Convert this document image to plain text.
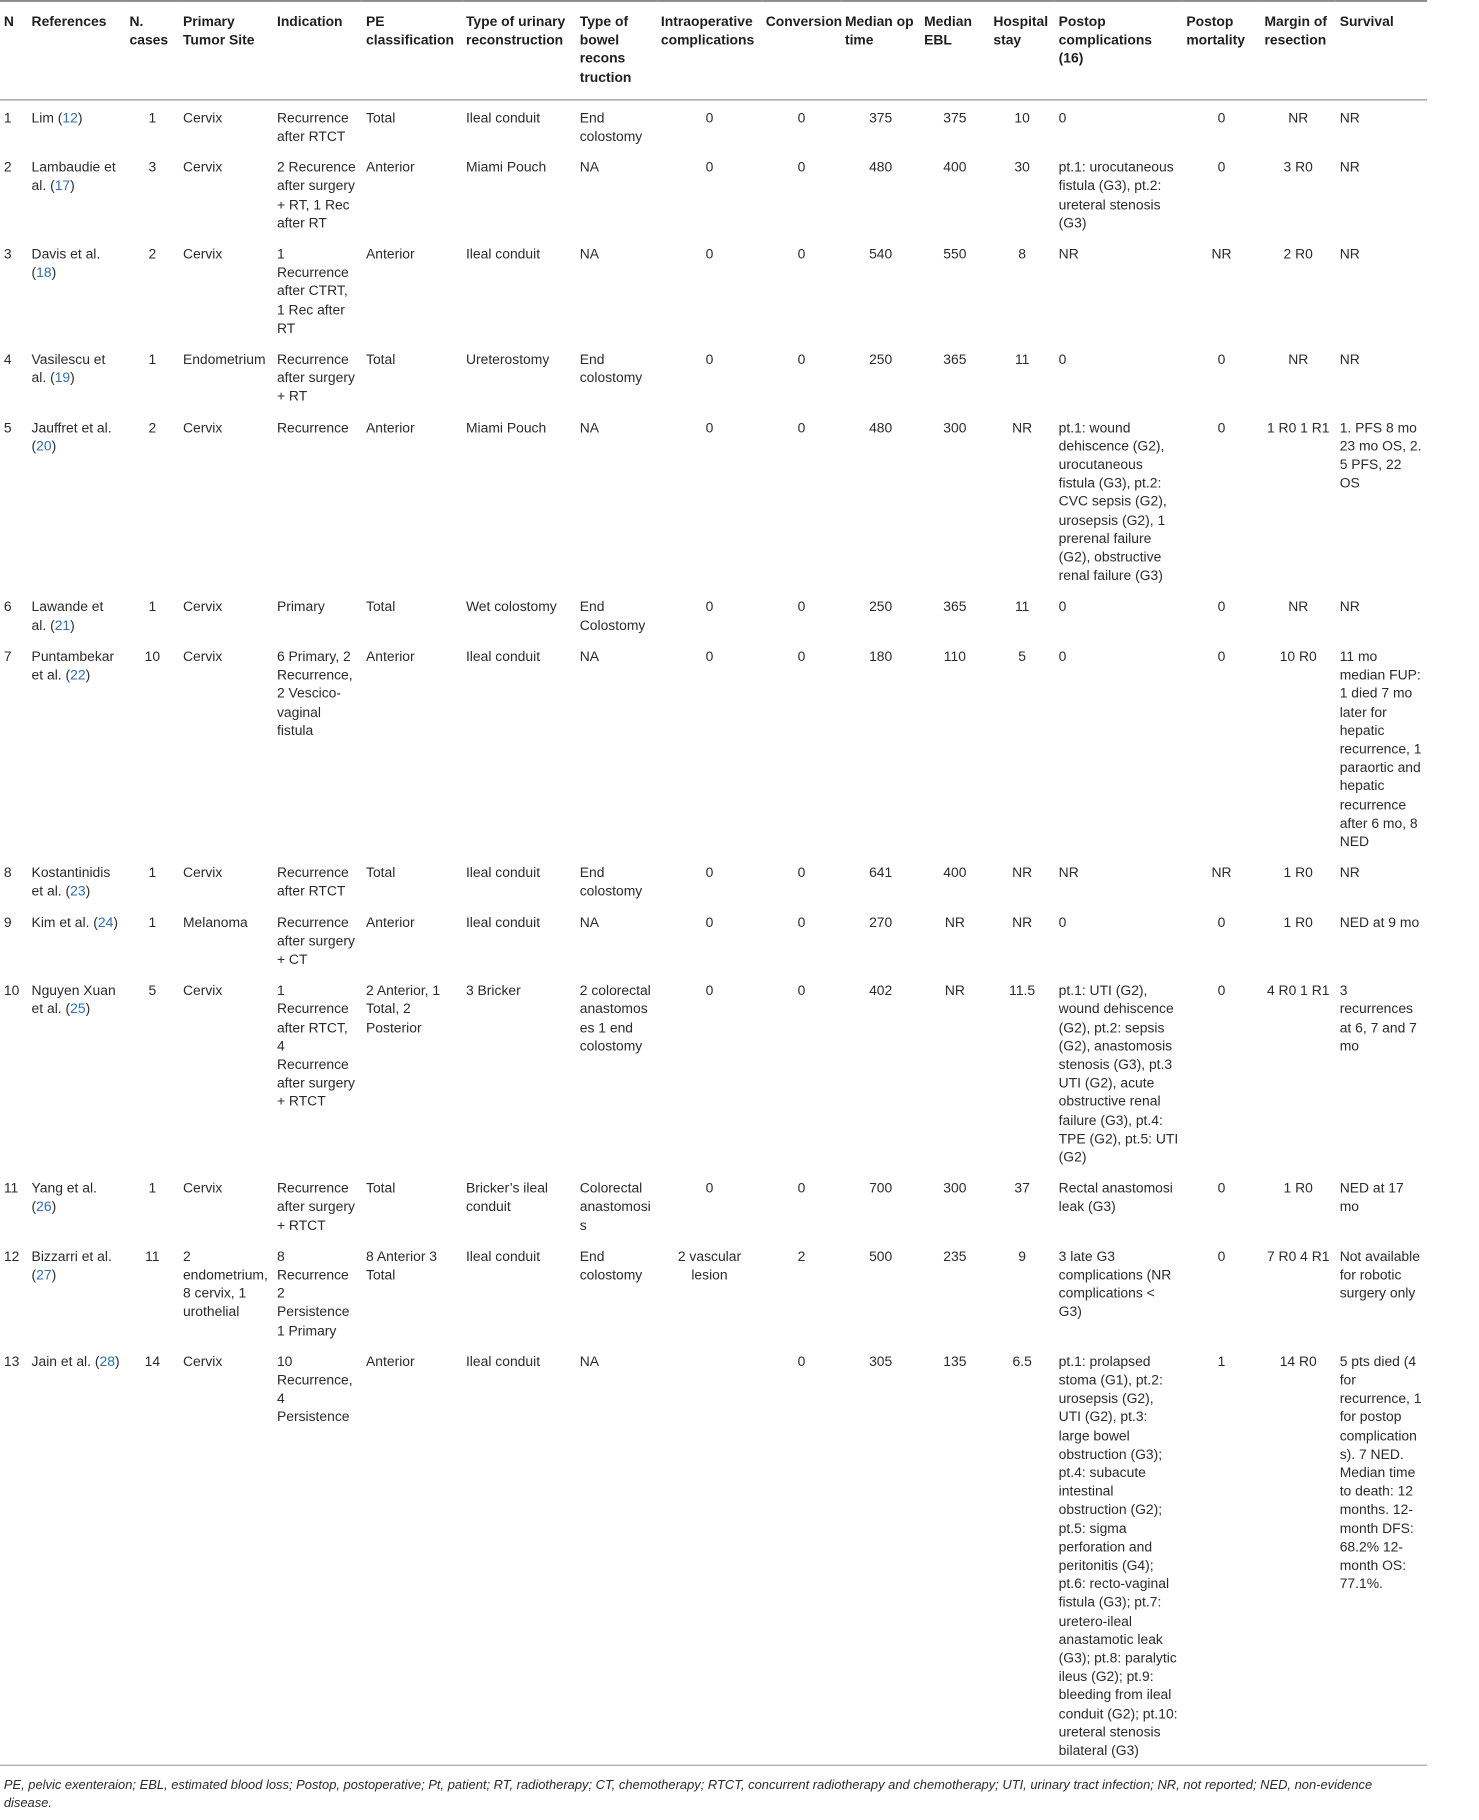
N	References	N. cases	Primary Tumor Site	Indication	PE classification	Type of urinary reconstruction	Type of bowel recons truction	Intraoperative complications	Conversion	Median op time	Median EBL	Hospital stay	Postop complications (16)	Postop mortality	Margin of resection	Survival
1	Lim (12)	1	Cervix	Recurrence after RTCT	Total	Ileal conduit	End colostomy	0	0	375	375	10	0	0	NR	NR
2	Lambaudie et al. (17)	3	Cervix	2 Recurence after surgery + RT, 1 Rec after RT	Anterior	Miami Pouch	NA	0	0	480	400	30	pt.1: urocutaneous fistula (G3), pt.2: ureteral stenosis (G3)	0	3 R0	NR
3	Davis et al. (18)	2	Cervix	1 Recurrence after CTRT, 1 Rec after RT	Anterior	Ileal conduit	NA	0	0	540	550	8	NR	NR	2 R0	NR
4	Vasilescu et al. (19)	1	Endometrium	Recurrence after surgery + RT	Total	Ureterostomy	End colostomy	0	0	250	365	11	0	0	NR	NR
5	Jauffret et al. (20)	2	Cervix	Recurrence	Anterior	Miami Pouch	NA	0	0	480	300	NR	pt.1: wound dehiscence (G2), urocutaneous fistula (G3), pt.2: CVC sepsis (G2), urosepsis (G2), 1 prerenal failure (G2), obstructive renal failure (G3)	0	1 R0 1 R1	1. PFS 8 mo 23 mo OS, 2. 5 PFS, 22 OS
6	Lawande et al. (21)	1	Cervix	Primary	Total	Wet colostomy	End Colostomy	0	0	250	365	11	0	0	NR	NR
7	Puntambekar et al. (22)	10	Cervix	6 Primary, 2 Recurrence, 2 Vescico-vaginal fistula	Anterior	Ileal conduit	NA	0	0	180	110	5	0	0	10 R0	11 mo median FUP: 1 died 7 mo later for hepatic recurrence, 1 paraortic and hepatic recurrence after 6 mo, 8 NED
8	Kostantinidis et al. (23)	1	Cervix	Recurrence after RTCT	Total	Ileal conduit	End colostomy	0	0	641	400	NR	NR	NR	1 R0	NR
9	Kim et al. (24)	1	Melanoma	Recurrence after surgery + CT	Anterior	Ileal conduit	NA	0	0	270	NR	NR	0	0	1 R0	NED at 9 mo
10	Nguyen Xuan et al. (25)	5	Cervix	1 Recurrence after RTCT, 4 Recurrence after surgery + RTCT	2 Anterior, 1 Total, 2 Posterior	3 Bricker	2 colorectal anastomoses 1 end colostomy	0	0	402	NR	11.5	pt.1: UTI (G2), wound dehiscence (G2), pt.2: sepsis (G2), anastomosis stenosis (G3), pt.3 UTI (G2), acute obstructive renal failure (G3), pt.4: TPE (G2), pt.5: UTI (G2)	0	4 R0 1 R1	3 recurrences at 6, 7 and 7 mo
11	Yang et al. (26)	1	Cervix	Recurrence after surgery + RTCT	Total	Bricker’s ileal conduit	Colorectal anastomosis	0	0	700	300	37	Rectal anastomosi leak (G3)	0	1 R0	NED at 17 mo
12	Bizzarri et al. (27)	11	2 endometrium, 8 cervix, 1 urothelial	8 Recurrence 2 Persistence 1 Primary	8 Anterior 3 Total	Ileal conduit	End colostomy	2 vascular lesion	2	500	235	9	3 late G3 complications (NR complications < G3)	0	7 R0 4 R1	Not available for robotic surgery only
13	Jain et al. (28)	14	Cervix	10 Recurrence, 4 Persistence	Anterior	Ileal conduit	NA		0	305	135	6.5	pt.1: prolapsed stoma (G1), pt.2: urosepsis (G2), UTI (G2), pt.3: large bowel obstruction (G3); pt.4: subacute intestinal obstruction (G2); pt.5: sigma perforation and peritonitis (G4); pt.6: recto-vaginal fistula (G3); pt.7: uretero-ileal anastamotic leak (G3); pt.8: paralytic ileus (G2); pt.9: bleeding from ileal conduit (G2); pt.10: ureteral stenosis bilateral (G3)	1	14 R0	5 pts died (4 for recurrence, 1 for postop complications). 7 NED. Median time to death: 12 months. 12-month DFS: 68.2% 12-month OS: 77.1%.

PE, pelvic exenteraion; EBL, estimated blood loss; Postop, postoperative; Pt, patient; RT, radiotherapy; CT, chemotherapy; RTCT, concurrent radiotherapy and chemotherapy; UTI, urinary tract infection; NR, not reported; NED, non-evidence disease.
